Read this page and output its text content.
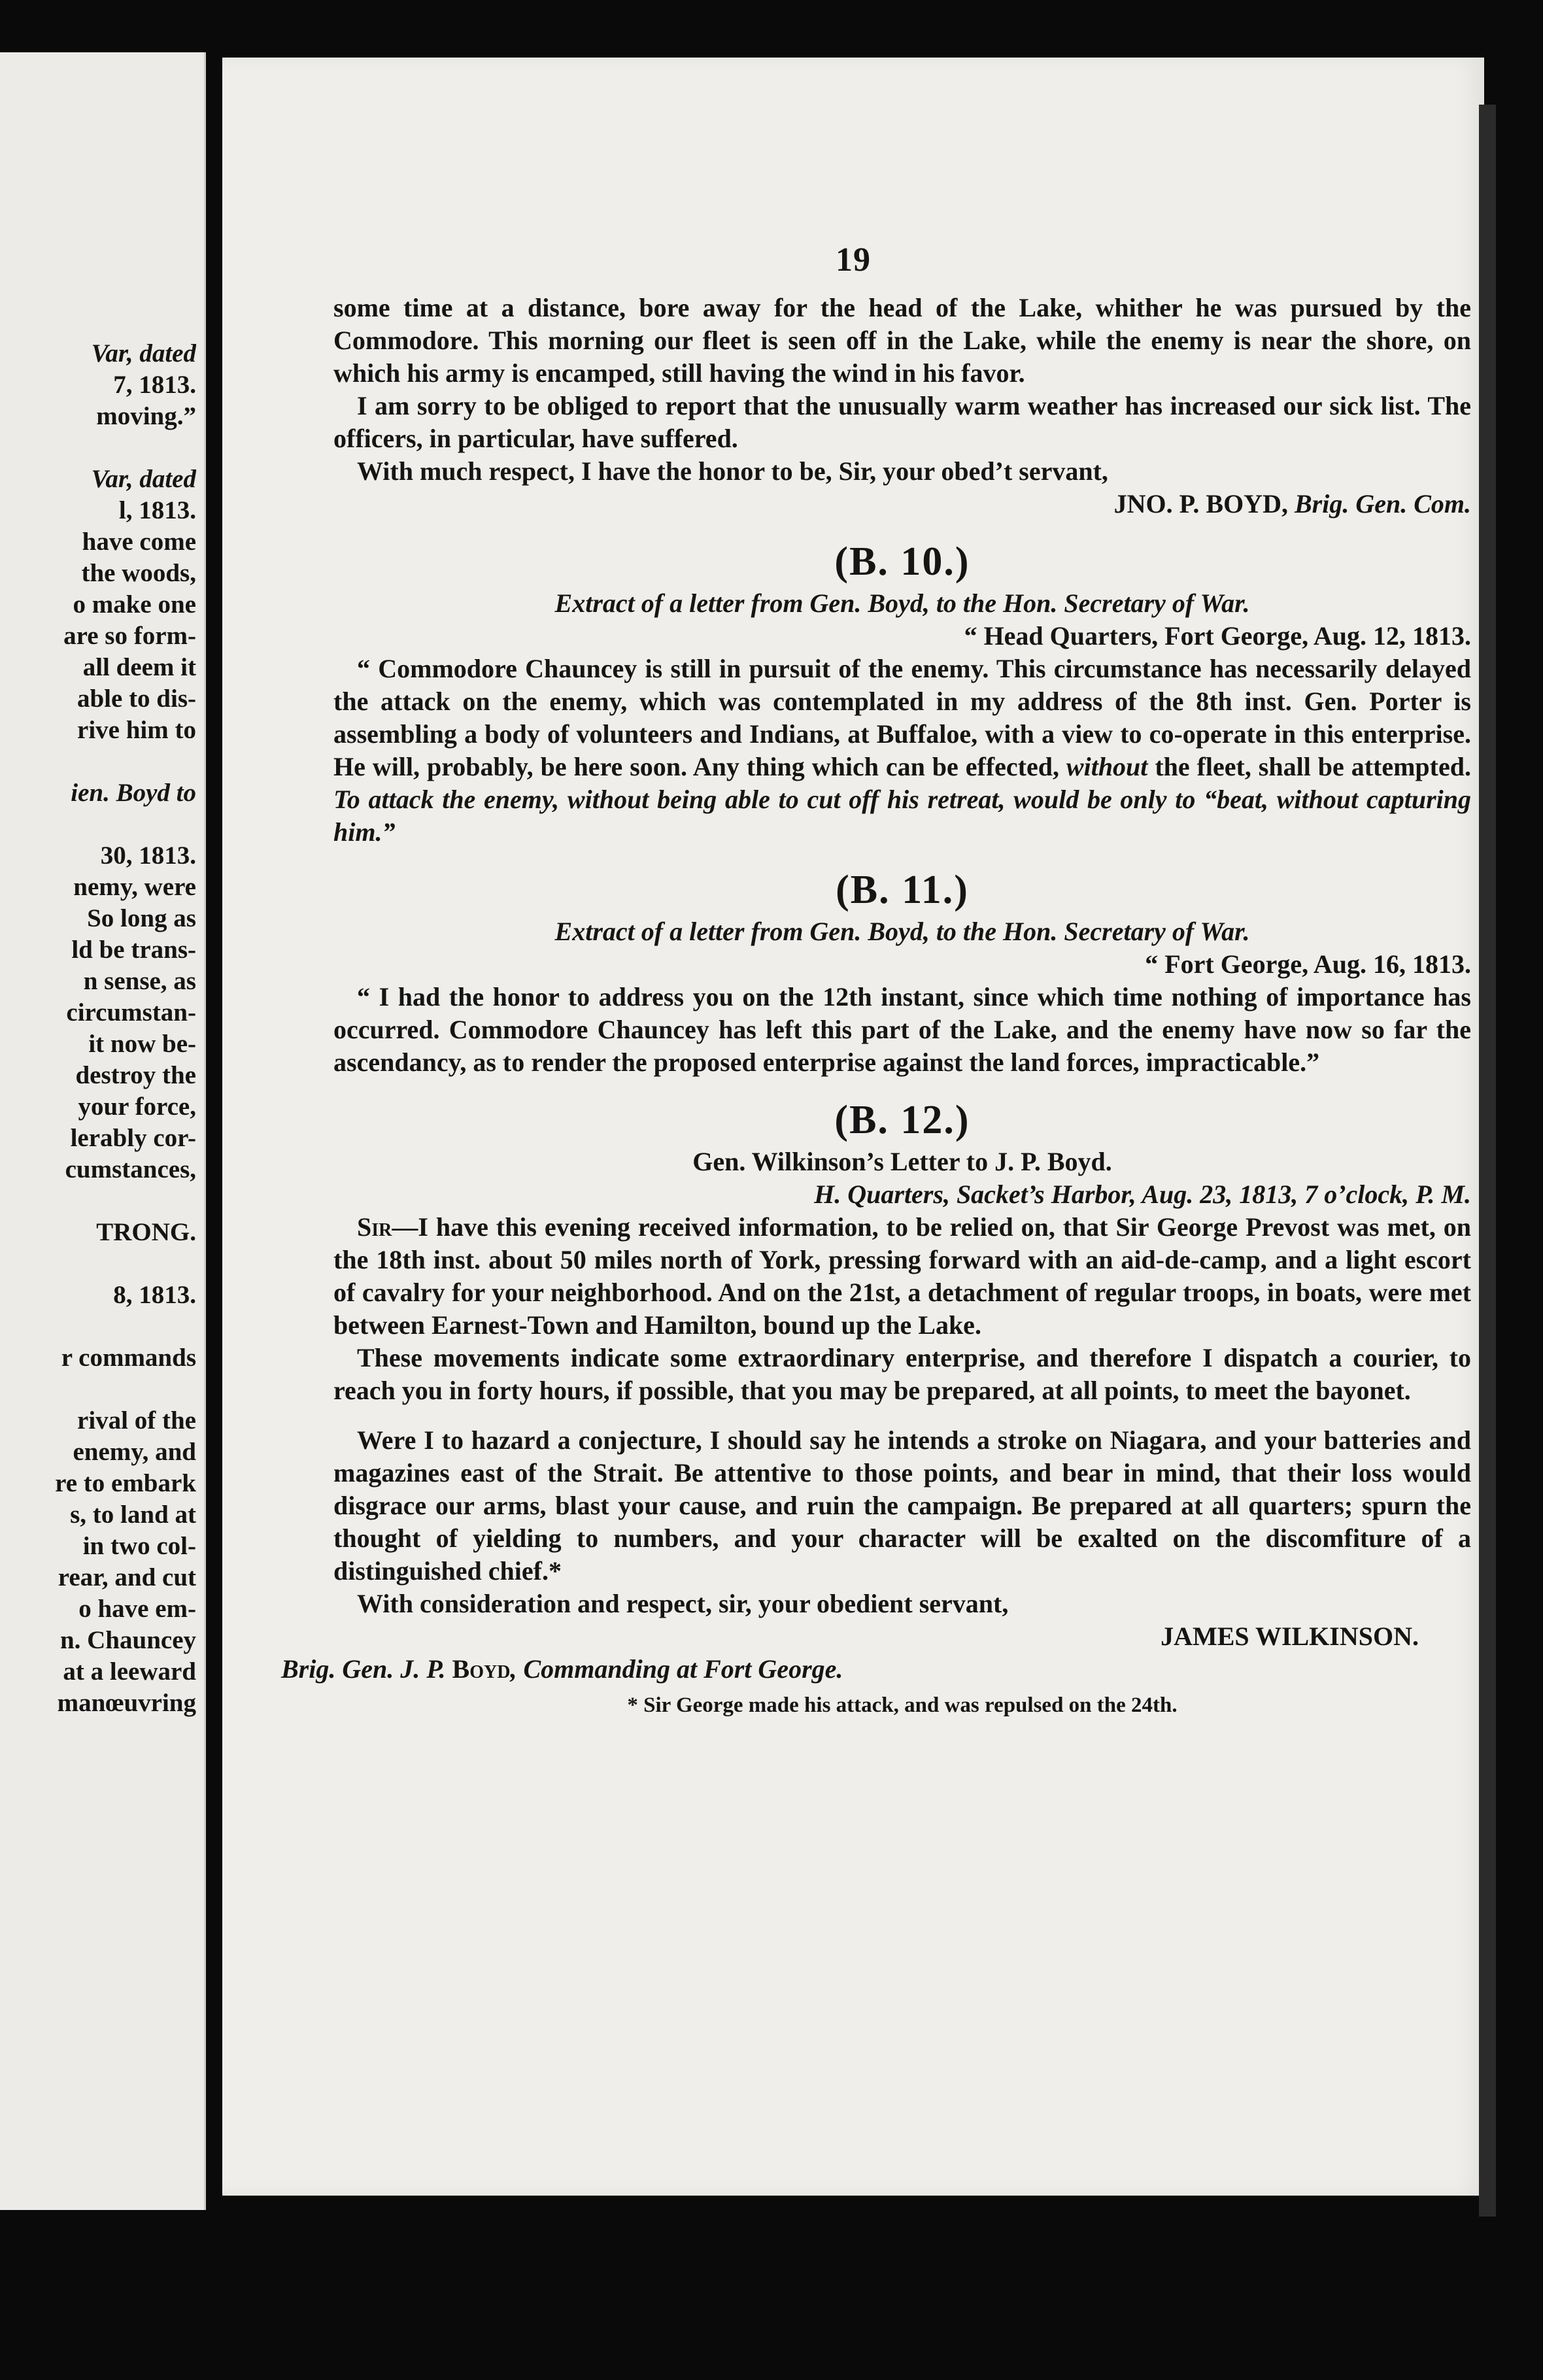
Var, dated
7, 1813.
moving.”
Var, dated
l, 1813.
have come
the woods,
o make one
are so form-
all deem it
able to dis-
rive him to
ien. Boyd to
30, 1813.
nemy, were
So long as
ld be trans-
n sense, as
circumstan-
it now be-
destroy the
your force,
lerably cor-
cumstances,
TRONG.
8, 1813.
r commands
rival of the
enemy, and
re to embark
s, to land at
in two col-
rear, and cut
o have em-
n. Chauncey
at a leeward
manœuvring
19

some time at a distance, bore away for the head of the Lake, whither he was pursued by the Commodore. This morning our fleet is seen off in the Lake, while the enemy is near the shore, on which his army is encamped, still having the wind in his favor.

I am sorry to be obliged to report that the unusually warm weather has increased our sick list. The officers, in particular, have suffered.

With much respect, I have the honor to be, Sir, your obed’t servant,

JNO. P. BOYD, Brig. Gen. Com.

(B. 10.)

Extract of a letter from Gen. Boyd, to the Hon. Secretary of War.

“ Head Quarters, Fort George, Aug. 12, 1813.

“ Commodore Chauncey is still in pursuit of the enemy. This circumstance has necessarily delayed the attack on the enemy, which was contemplated in my address of the 8th inst. Gen. Porter is assembling a body of volunteers and Indians, at Buffaloe, with a view to co-operate in this enterprise. He will, probably, be here soon. Any thing which can be effected, without the fleet, shall be attempted. To attack the enemy, without being able to cut off his retreat, would be only to “beat, without capturing him.”

(B. 11.)

Extract of a letter from Gen. Boyd, to the Hon. Secretary of War.

“ Fort George, Aug. 16, 1813.

“ I had the honor to address you on the 12th instant, since which time nothing of importance has occurred. Commodore Chauncey has left this part of the Lake, and the enemy have now so far the ascendancy, as to render the proposed enterprise against the land forces, impracticable.”

(B. 12.)

Gen. Wilkinson’s Letter to J. P. Boyd.

H. Quarters, Sacket’s Harbor, Aug. 23, 1813, 7 o’clock, P. M.

Sir—I have this evening received information, to be relied on, that Sir George Prevost was met, on the 18th inst. about 50 miles north of York, pressing forward with an aid-de-camp, and a light escort of cavalry for your neighborhood. And on the 21st, a detachment of regular troops, in boats, were met between Earnest-Town and Hamilton, bound up the Lake.

These movements indicate some extraordinary enterprise, and therefore I dispatch a courier, to reach you in forty hours, if possible, that you may be prepared, at all points, to meet the bayonet.

Were I to hazard a conjecture, I should say he intends a stroke on Niagara, and your batteries and magazines east of the Strait. Be attentive to those points, and bear in mind, that their loss would disgrace our arms, blast your cause, and ruin the campaign. Be prepared at all quarters; spurn the thought of yielding to numbers, and your character will be exalted on the discomfiture of a distinguished chief.*

With consideration and respect, sir, your obedient servant,

JAMES WILKINSON.

Brig. Gen. J. P. Boyd, Commanding at Fort George.

* Sir George made his attack, and was repulsed on the 24th.
